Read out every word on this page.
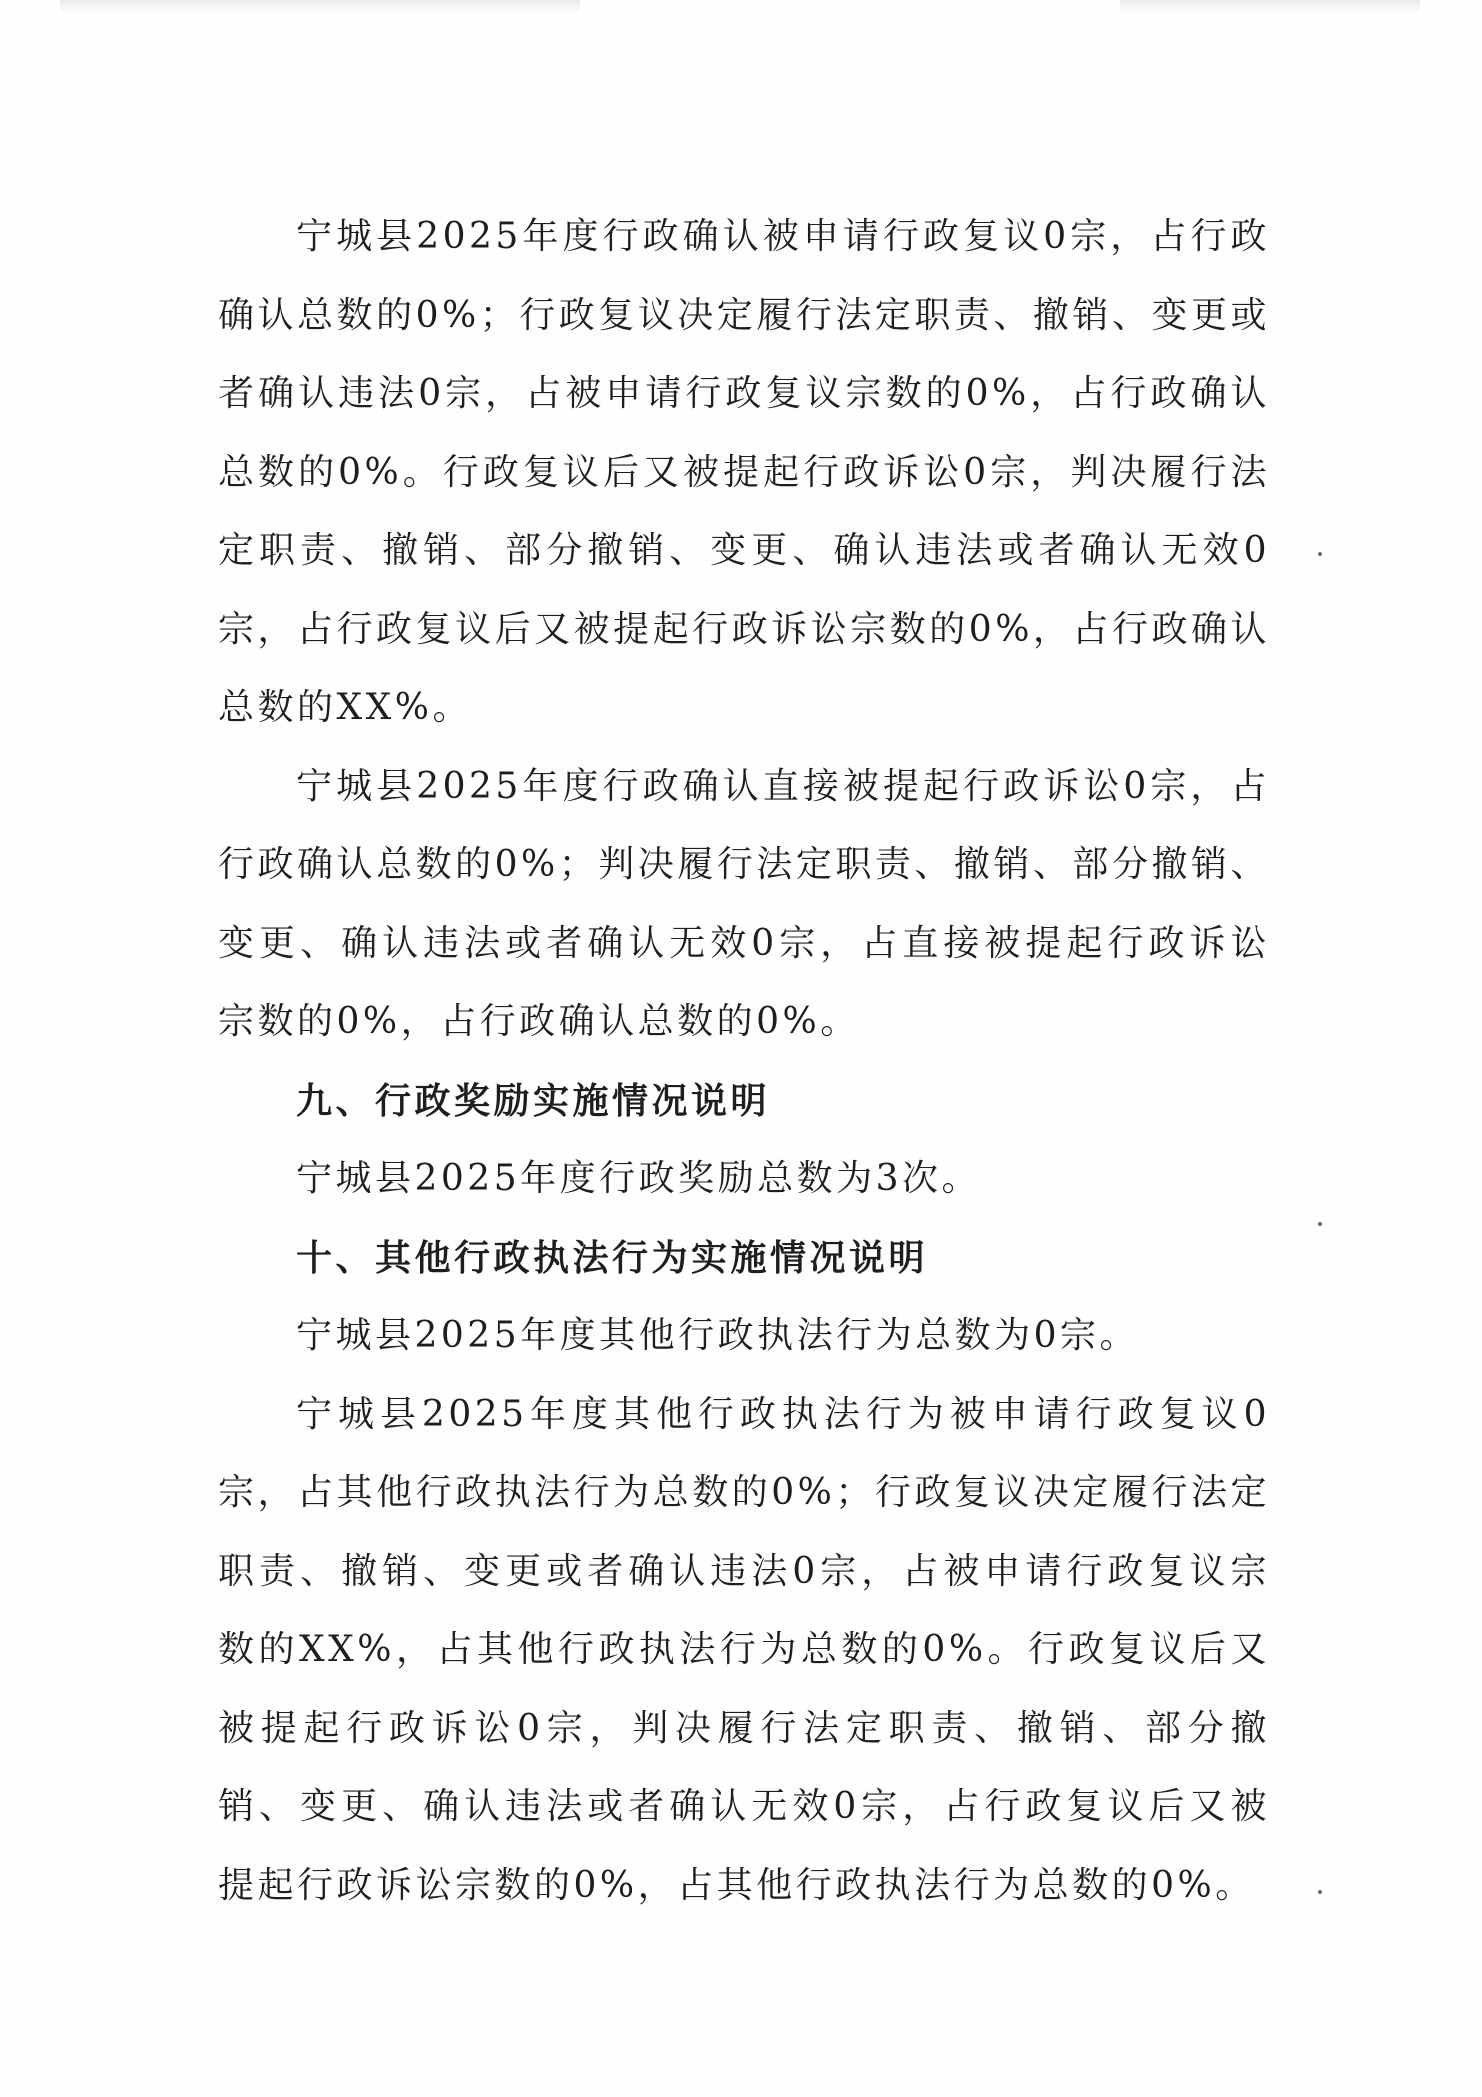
宁城县2025年度行政确认被申请行政复议0宗，占行政确认总数的0%；行政复议决定履行法定职责、撤销、变更或者确认违法0宗，占被申请行政复议宗数的0%，占行政确认总数的0%。行政复议后又被提起行政诉讼0宗，判决履行法定职责、撤销、部分撤销、变更、确认违法或者确认无效0宗，占行政复议后又被提起行政诉讼宗数的0%，占行政确认总数的XX%。

宁城县2025年度行政确认直接被提起行政诉讼0宗，占行政确认总数的0%；判决履行法定职责、撤销、部分撤销、变更、确认违法或者确认无效0宗，占直接被提起行政诉讼宗数的0%，占行政确认总数的0%。

九、行政奖励实施情况说明

宁城县2025年度行政奖励总数为3次。

十、其他行政执法行为实施情况说明

宁城县2025年度其他行政执法行为总数为0宗。

宁城县2025年度其他行政执法行为被申请行政复议0宗，占其他行政执法行为总数的0%；行政复议决定履行法定职责、撤销、变更或者确认违法0宗，占被申请行政复议宗数的XX%，占其他行政执法行为总数的0%。行政复议后又被提起行政诉讼0宗，判决履行法定职责、撤销、部分撤销、变更、确认违法或者确认无效0宗，占行政复议后又被提起行政诉讼宗数的0%，占其他行政执法行为总数的0%。
